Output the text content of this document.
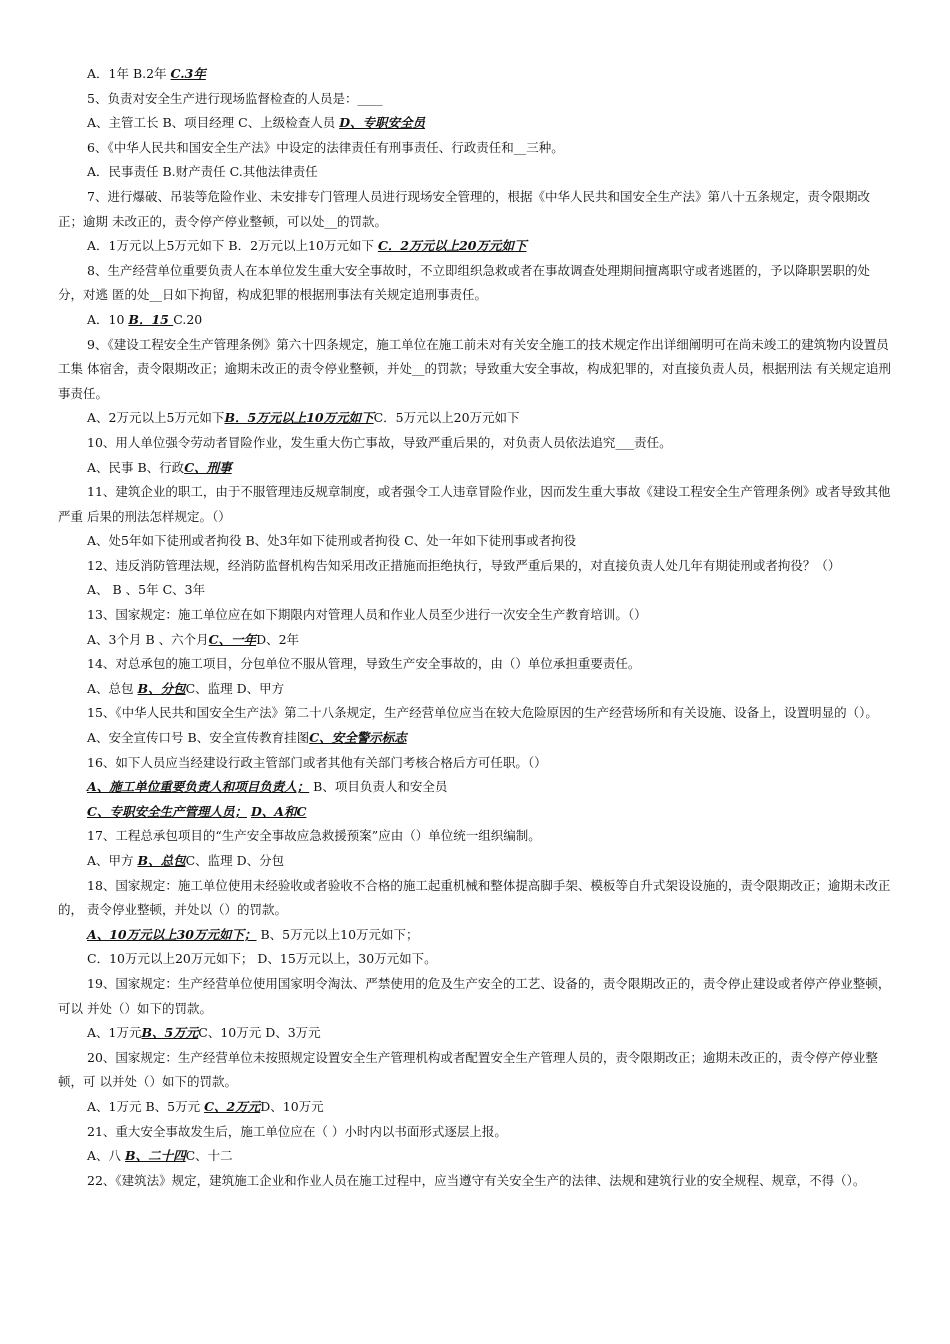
A．1年 B.2年 C.3年

5、负责对安全生产进行现场监督检查的人员是：____

A、主管工长 B、项目经理 C、上级检查人员 D、专职安全员

6、《中华人民共和国安全生产法》中设定的法律责任有刑事责任、行政责任和__三种。

A．民事责任 B.财产责任 C.其他法律责任

7、进行爆破、吊装等危险作业、未安排专门管理人员进行现场安全管理的，根据《中华人民共和国安全生产法》第八十五条规定，责令限期改正；逾期 未改正的，责令停产停业整顿，可以处__的罚款。

A．1万元以上5万元如下 B．2万元以上10万元如下 C．2万元以上20万元如下

8、生产经营单位重要负责人在本单位发生重大安全事故时，不立即组织急救或者在事故调查处理期间擅离职守或者逃匿的，予以降职罢职的处分，对逃 匿的处__日如下拘留，构成犯罪的根据刑事法有关规定追刑事责任。

A．10 B．15 C.20

9、《建设工程安全生产管理条例》第六十四条规定，施工单位在施工前未对有关安全施工的技术规定作出详细阐明可在尚未竣工的建筑物内设置员工集 体宿舍，责令限期改正；逾期未改正的责令停业整顿，并处__的罚款；导致重大安全事故，构成犯罪的，对直接负责人员，根据刑法 有关规定追刑事责任。

A、2万元以上5万元如下B．5万元以上10万元如下C．5万元以上20万元如下

10、用人单位强令劳动者冒险作业，发生重大伤亡事故，导致严重后果的，对负责人员依法追究___责任。

A、民事 B、行政C、刑事

11、建筑企业的职工，由于不服管理违反规章制度，或者强令工人违章冒险作业，因而发生重大事故《建设工程安全生产管理条例》或者导致其他严重 后果的刑法怎样规定。（）

A、处5年如下徒刑或者拘役 B、处3年如下徒刑或者拘役 C、处一年如下徒刑事或者拘役

12、违反消防管理法规，经消防监督机构告知采用改正措施而拒绝执行，导致严重后果的，对直接负责人处几年有期徒刑或者拘役？（）

A、 B 、5年 C、3年

13、国家规定：施工单位应在如下期限内对管理人员和作业人员至少进行一次安全生产教育培训。（）

A、3个月 B 、六个月C、一年D、2年

14、对总承包的施工项目，分包单位不服从管理，导致生产安全事故的，由（）单位承担重要责任。

A、总包 B、分包C、监理 D、甲方

15、《中华人民共和国安全生产法》第二十八条规定，生产经营单位应当在较大危险原因的生产经营场所和有关设施、设备上，设置明显的（）。

A、安全宣传口号 B、安全宣传教育挂图C、安全警示标志

16、如下人员应当经建设行政主管部门或者其他有关部门考核合格后方可任职。（）

A、施工单位重要负责人和项目负责人； B、项目负责人和安全员

C、专职安全生产管理人员； D、A和C

17、工程总承包项目的“生产安全事故应急救援预案”应由（）单位统一组织编制。

A、甲方 B、总包C、监理 D、分包

18、国家规定：施工单位使用未经验收或者验收不合格的施工起重机械和整体提高脚手架、模板等自升式架设设施的，责令限期改正；逾期未改正的， 责令停业整顿，并处以（）的罚款。

A、10万元以上30万元如下； B、5万元以上10万元如下；

C．10万元以上20万元如下； D、15万元以上，30万元如下。

19、国家规定：生产经营单位使用国家明令淘汰、严禁使用的危及生产安全的工艺、设备的，责令限期改正的，责令停止建设或者停产停业整顿，可以 并处（）如下的罚款。

A、1万元B、5万元C、10万元 D、3万元

20、国家规定：生产经营单位未按照规定设置安全生产管理机构或者配置安全生产管理人员的，责令限期改正；逾期未改正的，责令停产停业整顿，可 以并处（）如下的罚款。

A、1万元 B、5万元 C、2万元D、10万元

21、重大安全事故发生后，施工单位应在（ ）小时内以书面形式逐层上报。

A、八 B、二十四C、十二

22、《建筑法》规定，建筑施工企业和作业人员在施工过程中，应当遵守有关安全生产的法律、法规和建筑行业的安全规程、规章，不得（）。
